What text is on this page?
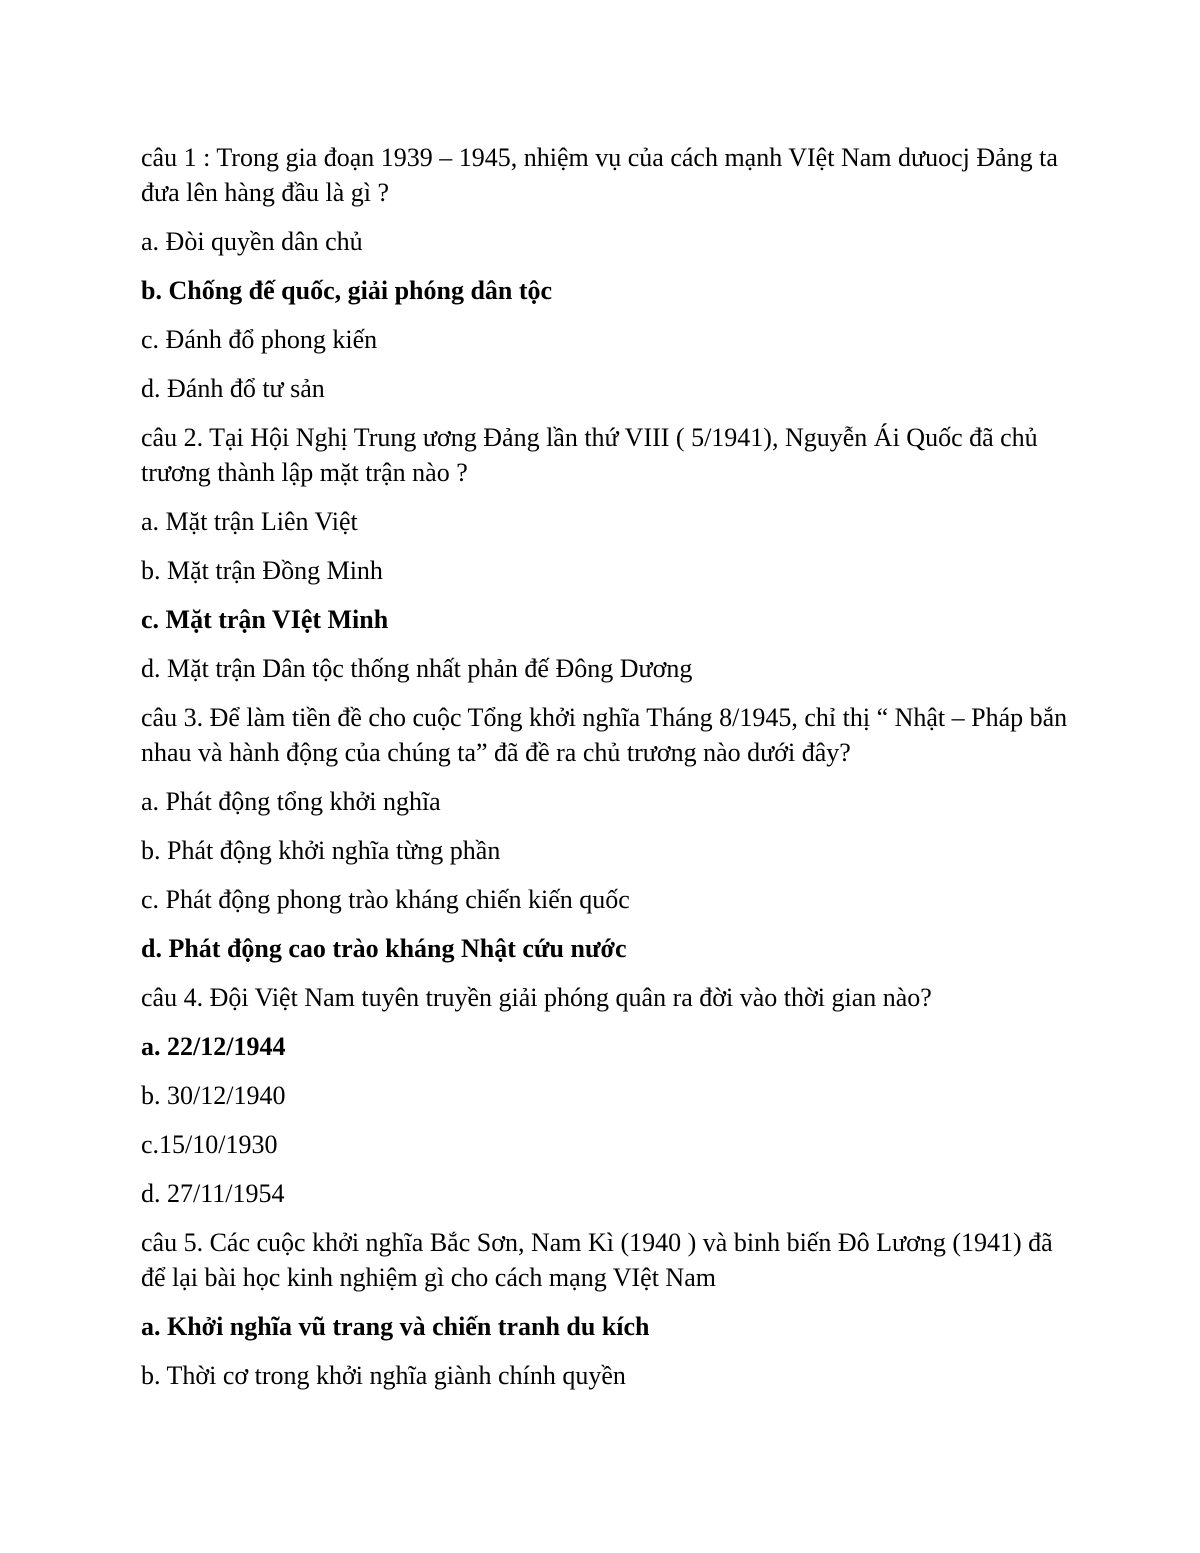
câu 1 : Trong gia đoạn 1939 – 1945, nhiệm vụ của cách mạnh VIệt Nam dưuocj Đảng ta đưa lên hàng đầu là gì ?

a. Đòi quyền dân chủ

b. Chống đế quốc, giải phóng dân tộc

c. Đánh đổ phong kiến

d. Đánh đổ tư sản

câu 2. Tại Hội Nghị Trung ương Đảng lần thứ VIII ( 5/1941), Nguyễn Ái Quốc đã chủ trương thành lập mặt trận nào ?

a. Mặt trận Liên Việt

b. Mặt trận Đồng Minh

c. Mặt trận VIệt Minh

d. Mặt trận Dân tộc thống nhất phản đế Đông Dương

câu 3. Để làm tiền đề cho cuộc Tổng khởi nghĩa Tháng 8/1945, chỉ thị “ Nhật – Pháp bắn nhau và hành động của chúng ta” đã đề ra chủ trương nào dưới đây?

a. Phát động tổng khởi nghĩa

b. Phát động khởi nghĩa từng phần

c. Phát động phong trào kháng chiến kiến quốc

d. Phát động cao trào kháng Nhật cứu nước

câu 4. Đội Việt Nam tuyên truyền giải phóng quân ra đời vào thời gian nào?

a. 22/12/1944

b. 30/12/1940

c.15/10/1930

d. 27/11/1954

câu 5. Các cuộc khởi nghĩa Bắc Sơn, Nam Kì (1940 ) và binh biến Đô Lương (1941) đã để lại bài học kinh nghiệm gì cho cách mạng VIệt Nam

a. Khởi nghĩa vũ trang và chiến tranh du kích

b. Thời cơ trong khởi nghĩa giành chính quyền
